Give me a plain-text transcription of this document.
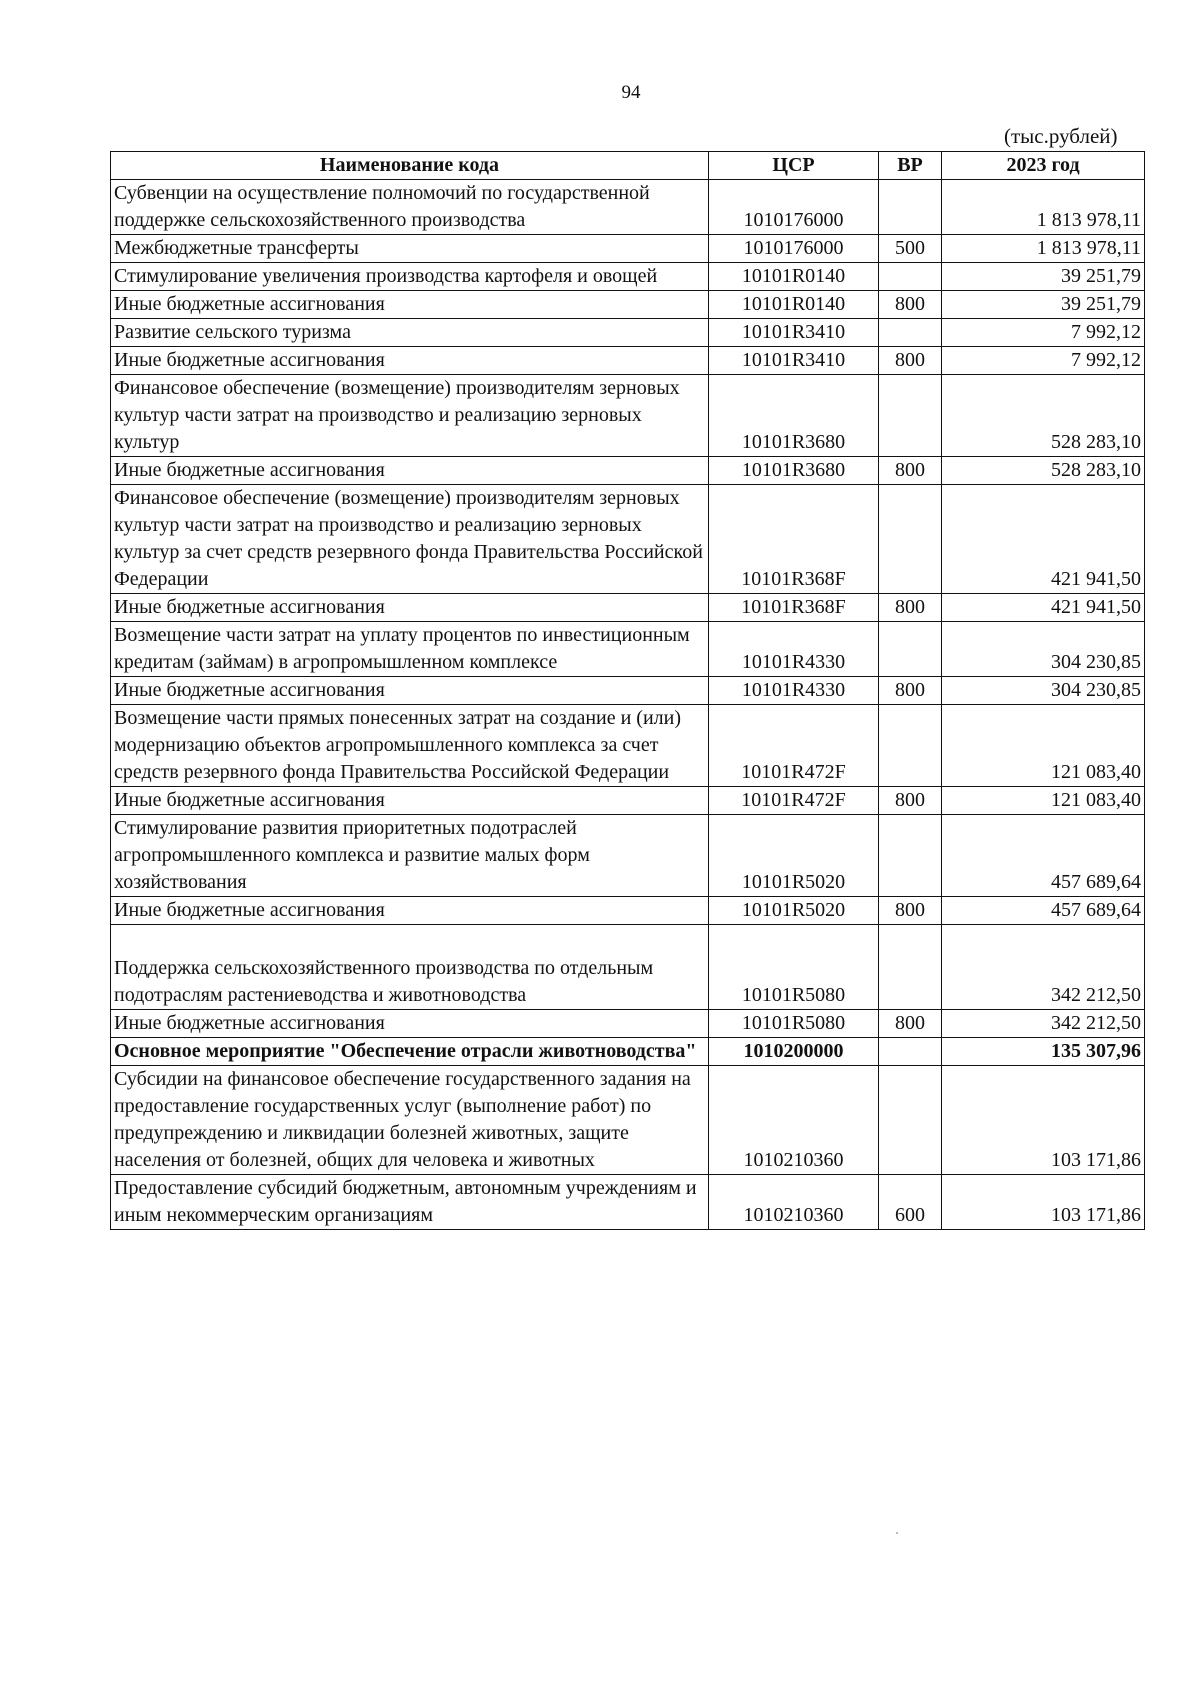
94
(тыс.рублей)
Наименование кода	ЦСР	ВР	2023 год
Субвенции на осуществление полномочий по государственной поддержке сельскохозяйственного производства	1010176000		1 813 978,11
Межбюджетные трансферты	1010176000	500	1 813 978,11
Стимулирование увеличения производства картофеля и овощей	10101R0140		39 251,79
Иные бюджетные ассигнования	10101R0140	800	39 251,79
Развитие сельского туризма	10101R3410		7 992,12
Иные бюджетные ассигнования	10101R3410	800	7 992,12
Финансовое обеспечение (возмещение) производителям зерновых культур части затрат на производство и реализацию зерновых культур	10101R3680		528 283,10
Иные бюджетные ассигнования	10101R3680	800	528 283,10
Финансовое обеспечение (возмещение) производителям зерновых культур части затрат на производство и реализацию зерновых культур за счет средств резервного фонда Правительства Российской Федерации	10101R368F		421 941,50
Иные бюджетные ассигнования	10101R368F	800	421 941,50
Возмещение части затрат на уплату процентов по инвестиционным кредитам (займам) в агропромышленном комплексе	10101R4330		304 230,85
Иные бюджетные ассигнования	10101R4330	800	304 230,85
Возмещение части прямых понесенных затрат на создание и (или) модернизацию объектов агропромышленного комплекса за счет средств резервного фонда Правительства Российской Федерации	10101R472F		121 083,40
Иные бюджетные ассигнования	10101R472F	800	121 083,40
Стимулирование развития приоритетных подотраслей агропромышленного комплекса и развитие малых форм хозяйствования	10101R5020		457 689,64
Иные бюджетные ассигнования	10101R5020	800	457 689,64
Поддержка сельскохозяйственного производства по отдельным подотраслям растениеводства и животноводства	10101R5080		342 212,50
Иные бюджетные ассигнования	10101R5080	800	342 212,50
Основное мероприятие "Обеспечение отрасли животноводства"	1010200000		135 307,96
Субсидии на финансовое обеспечение государственного задания на предоставление государственных услуг (выполнение работ) по предупреждению и ликвидации болезней животных, защите населения от болезней, общих для человека и животных	1010210360		103 171,86
Предоставление субсидий бюджетным, автономным учреждениям и иным некоммерческим организациям	1010210360	600	103 171,86
